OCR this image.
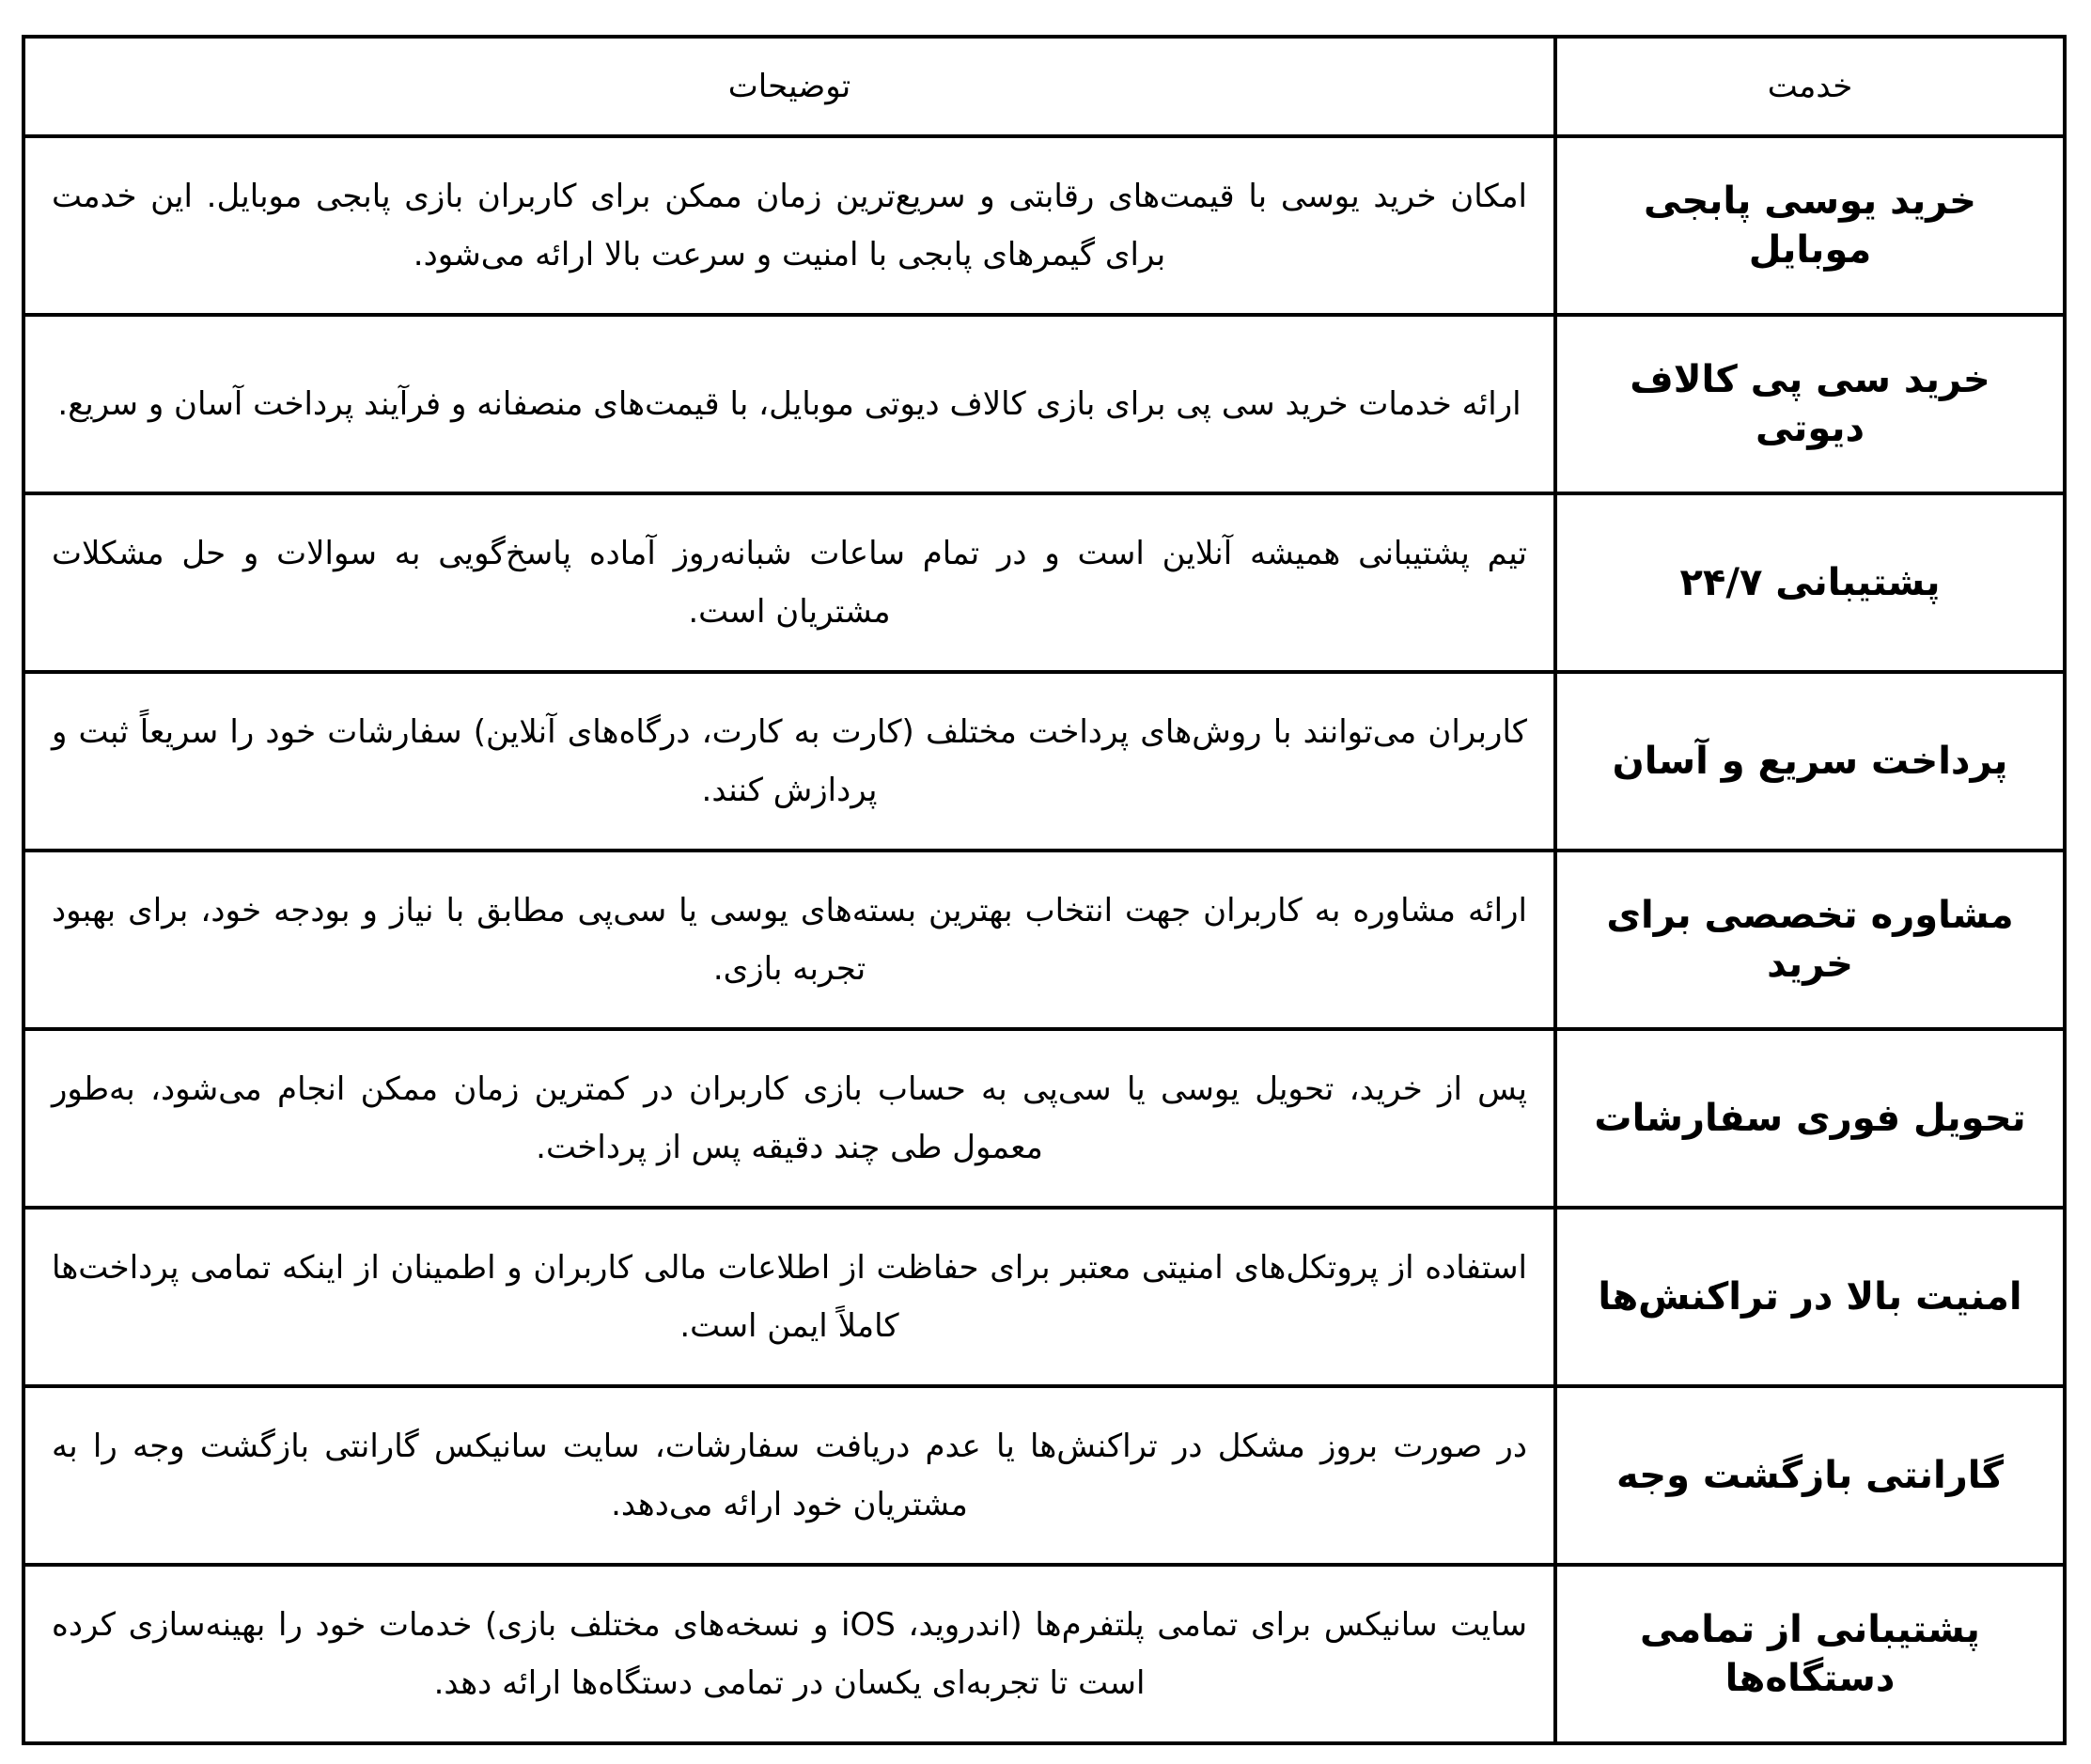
خدمت	توضیحات
خرید یوسی پابجی موبایل	امکان خرید یوسی با قیمت‌های رقابتی و سریع‌ترین زمان ممکن برای کاربران بازی پابجی موبایل. این خدمت برای گیمرهای پابجی با امنیت و سرعت بالا ارائه می‌شود.
خرید سی پی کالاف دیوتی	ارائه خدمات خرید سی پی برای بازی کالاف دیوتی موبایل، با قیمت‌های منصفانه و فرآیند پرداخت آسان و سریع.
پشتیبانی ۲۴/۷	تیم پشتیبانی همیشه آنلاین است و در تمام ساعات شبانه‌روز آماده پاسخ‌گویی به سوالات و حل مشکلات مشتریان است.
پرداخت سریع و آسان	کاربران می‌توانند با روش‌های پرداخت مختلف (کارت به کارت، درگاه‌های آنلاین) سفارشات خود را سریعاً ثبت و پردازش کنند.
مشاوره تخصصی برای خرید	ارائه مشاوره به کاربران جهت انتخاب بهترین بسته‌های یوسی یا سی‌پی مطابق با نیاز و بودجه خود، برای بهبود تجربه بازی.
تحویل فوری سفارشات	پس از خرید، تحویل یوسی یا سی‌پی به حساب بازی کاربران در کمترین زمان ممکن انجام می‌شود، به‌طور معمول طی چند دقیقه پس از پرداخت.
امنیت بالا در تراکنش‌ها	استفاده از پروتکل‌های امنیتی معتبر برای حفاظت از اطلاعات مالی کاربران و اطمینان از اینکه تمامی پرداخت‌ها کاملاً ایمن است.
گارانتی بازگشت وجه	در صورت بروز مشکل در تراکنش‌ها یا عدم دریافت سفارشات، سایت سانیکس گارانتی بازگشت وجه را به مشتریان خود ارائه می‌دهد.
پشتیبانی از تمامی دستگاه‌ها	سایت سانیکس برای تمامی پلتفرم‌ها (اندروید، iOS و نسخه‌های مختلف بازی) خدمات خود را بهینه‌سازی کرده است تا تجربه‌ای یکسان در تمامی دستگاه‌ها ارائه دهد.
